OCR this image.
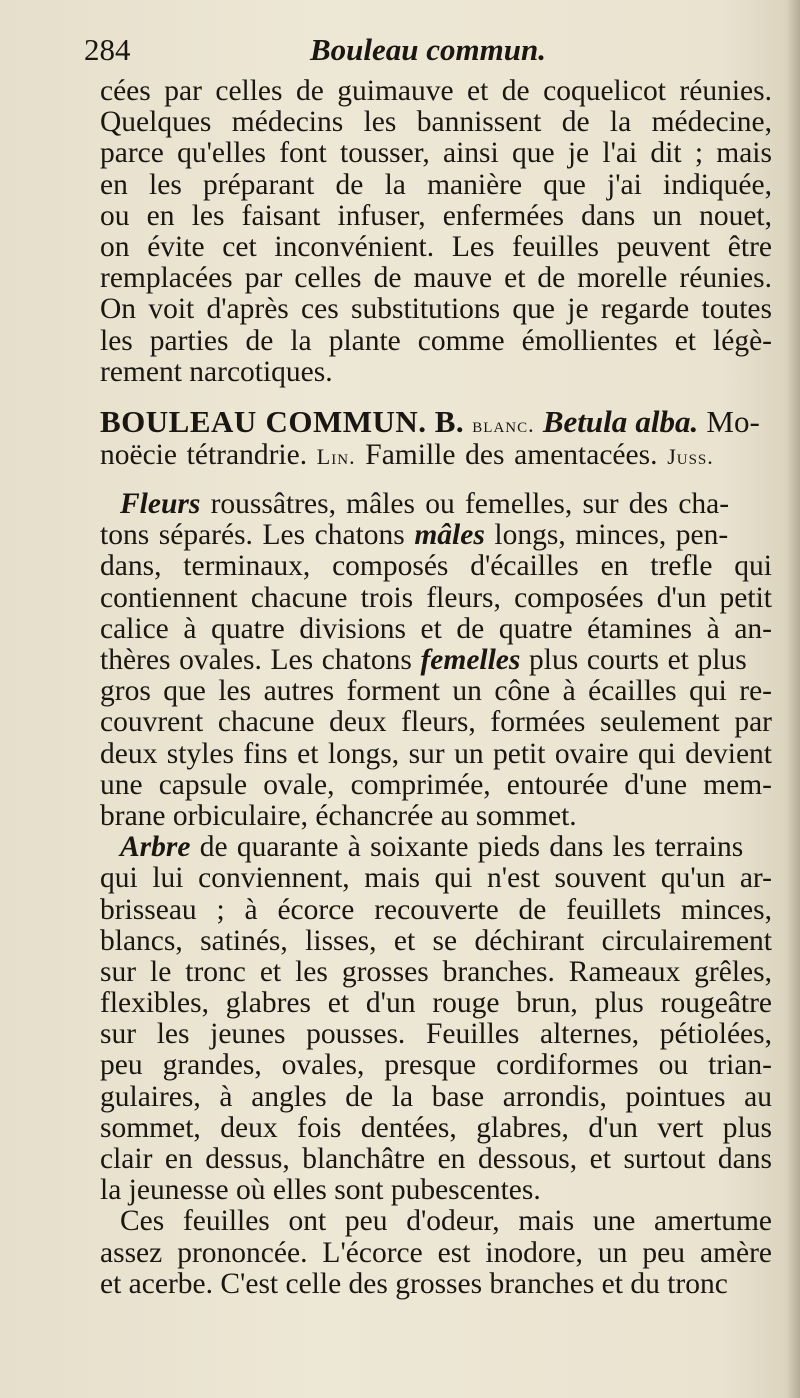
284	Bouleau commun.
cées par celles de guimauve et de coquelicot réunies.
Quelques médecins les bannissent de la médecine,
parce qu'elles font tousser, ainsi que je l'ai dit ; mais
en les préparant de la manière que j'ai indiquée,
ou en les faisant infuser, enfermées dans un nouet,
on évite cet inconvénient. Les feuilles peuvent être
remplacées par celles de mauve et de morelle réunies.
On voit d'après ces substitutions que je regarde toutes
les parties de la plante comme émollientes et légè-
rement narcotiques.
BOULEAU COMMUN. B. blanc. Betula alba. Mo-
noëcie tétrandrie. Lin. Famille des amentacées. Juss.
Fleurs roussâtres, mâles ou femelles, sur des cha-
tons séparés. Les chatons mâles longs, minces, pen-
dans, terminaux, composés d'écailles en trefle qui
contiennent chacune trois fleurs, composées d'un petit
calice à quatre divisions et de quatre étamines à an-
thères ovales. Les chatons femelles plus courts et plus
gros que les autres forment un cône à écailles qui re-
couvrent chacune deux fleurs, formées seulement par
deux styles fins et longs, sur un petit ovaire qui devient
une capsule ovale, comprimée, entourée d'une mem-
brane orbiculaire, échancrée au sommet.
Arbre de quarante à soixante pieds dans les terrains
qui lui conviennent, mais qui n'est souvent qu'un ar-
brisseau ; à écorce recouverte de feuillets minces,
blancs, satinés, lisses, et se déchirant circulairement
sur le tronc et les grosses branches. Rameaux grêles,
flexibles, glabres et d'un rouge brun, plus rougeâtre
sur les jeunes pousses. Feuilles alternes, pétiolées,
peu grandes, ovales, presque cordiformes ou trian-
gulaires, à angles de la base arrondis, pointues au
sommet, deux fois dentées, glabres, d'un vert plus
clair en dessus, blanchâtre en dessous, et surtout dans
la jeunesse où elles sont pubescentes.
Ces feuilles ont peu d'odeur, mais une amertume
assez prononcée. L'écorce est inodore, un peu amère
et acerbe. C'est celle des grosses branches et du tronc
